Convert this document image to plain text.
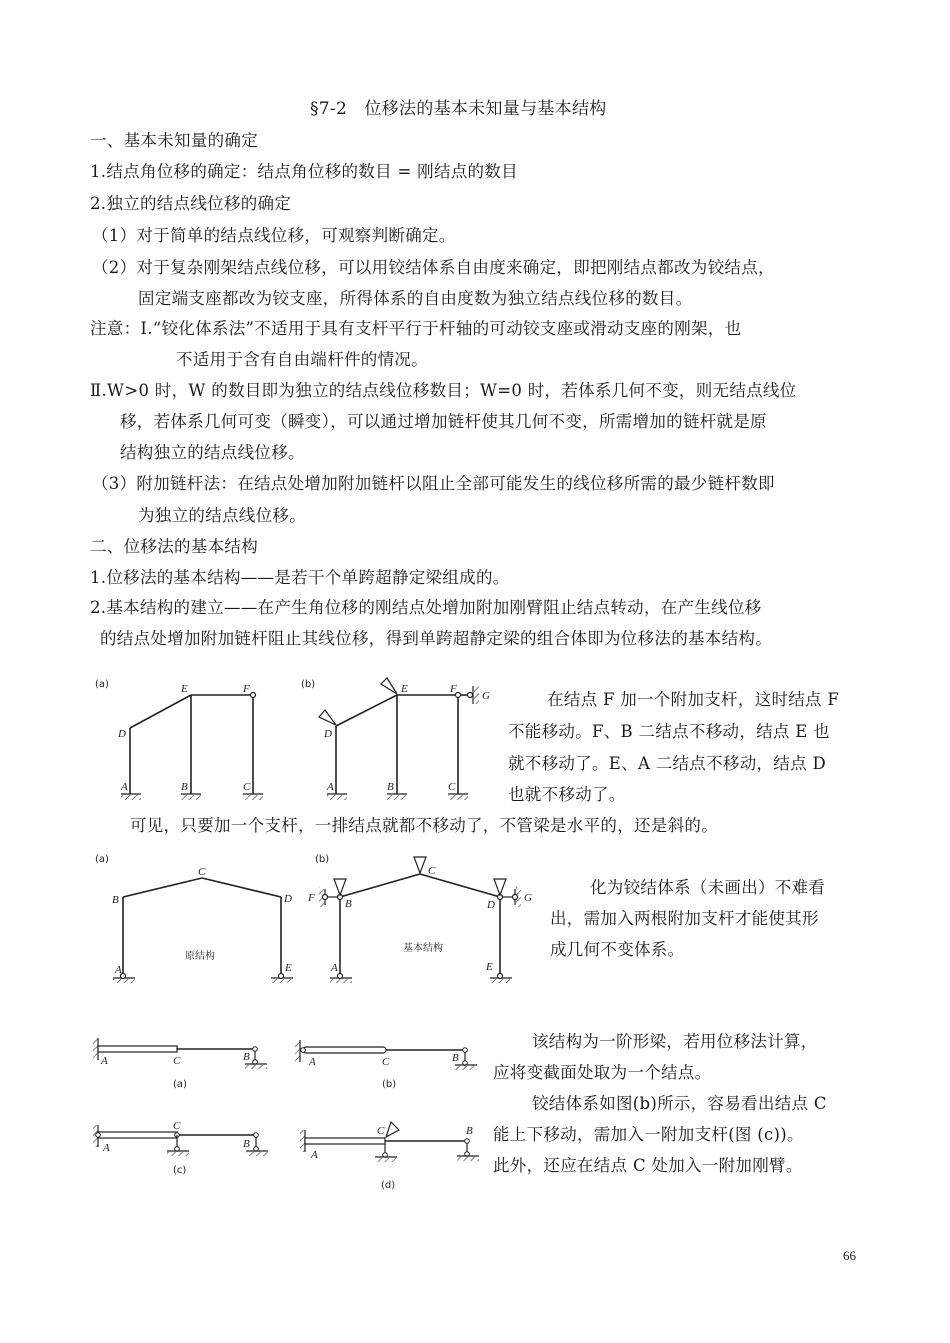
§7-2　位移法的基本未知量与基本结构
一、基本未知量的确定
1.结点角位移的确定：结点角位移的数目 = 刚结点的数目
2.独立的结点线位移的确定
（1）对于简单的结点线位移，可观察判断确定。
（2）对于复杂刚架结点线位移，可以用铰结体系自由度来确定，即把刚结点都改为铰结点，
固定端支座都改为铰支座，所得体系的自由度数为独立结点线位移的数目。
注意：Ⅰ.“铰化体系法”不适用于具有支杆平行于杆轴的可动铰支座或滑动支座的刚架，也
不适用于含有自由端杆件的情况。
Ⅱ.W>0 时，W 的数目即为独立的结点线位移数目；W=0 时，若体系几何不变，则无结点线位
移，若体系几何可变（瞬变），可以通过增加链杆使其几何不变，所需增加的链杆就是原
结构独立的结点线位移。
（3）附加链杆法：在结点处增加附加链杆以阻止全部可能发生的线位移所需的最少链杆数即
为独立的结点线位移。
二、位移法的基本结构
1.位移法的基本结构——是若干个单跨超静定梁组成的。
2.基本结构的建立——在产生角位移的刚结点处增加附加刚臂阻止结点转动，在产生线位移
的结点处增加附加链杆阻止其线位移，得到单跨超静定梁的组合体即为位移法的基本结构。
(a)	(b)
E	F
D
A	B	C
E	F
G
D
A	B	C
在结点 F 加一个附加支杆，这时结点 F
不能移动。F、B 二结点不移动，结点 E 也
就不移动了。E、A 二结点不移动，结点 D
也就不移动了。
可见，只要加一个支杆，一排结点就都不移动了，不管梁是水平的，还是斜的。
(a)	(b)
C
B	D
A	E
原结构
C
F	B	D
G
A	E
基本结构
化为铰结体系（未画出）不难看
出，需加入两根附加支杆才能使其形
成几何不变体系。
A	C	B
(a)
A	C	B
(b)
A
C
B
(c)
A
C	B
(d)
该结构为一阶形梁，若用位移法计算，
应将变截面处取为一个结点。
铰结体系如图(b)所示，容易看出结点 C
能上下移动，需加入一附加支杆(图 (c))。
此外，还应在结点 C 处加入一附加刚臂。
66
